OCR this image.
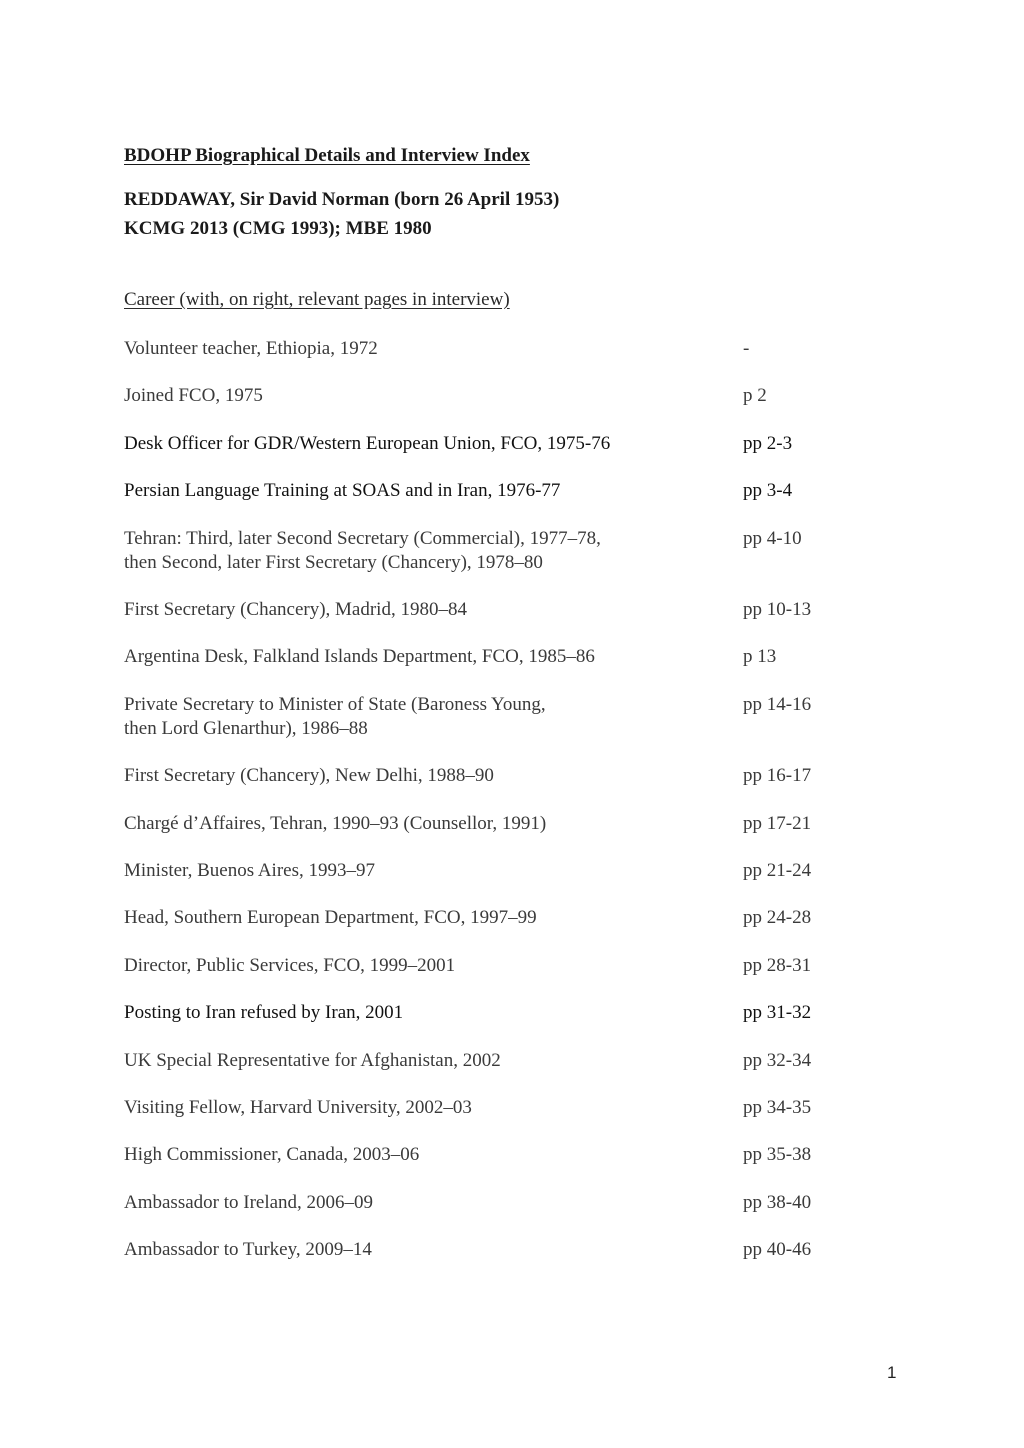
BDOHP Biographical Details and Interview Index

REDDAWAY, Sir David Norman (born 26 April 1953)

KCMG 2013 (CMG 1993); MBE 1980

Career (with, on right, relevant pages in interview)

Volunteer teacher, Ethiopia, 1972	-
Joined FCO, 1975	p 2
Desk Officer for GDR/Western European Union, FCO, 1975-76	pp 2-3
Persian Language Training at SOAS and in Iran, 1976-77	pp 3-4
Tehran: Third, later Second Secretary (Commercial), 1977–78,
then Second, later First Secretary (Chancery), 1978–80
pp 4-10
First Secretary (Chancery), Madrid, 1980–84	pp 10-13
Argentina Desk, Falkland Islands Department, FCO, 1985–86	p 13
Private Secretary to Minister of State (Baroness Young,
then Lord Glenarthur), 1986–88
pp 14-16
First Secretary (Chancery), New Delhi, 1988–90	pp 16-17
Chargé d’Affaires, Tehran, 1990–93 (Counsellor, 1991)	pp 17-21
Minister, Buenos Aires, 1993–97	pp 21-24
Head, Southern European Department, FCO, 1997–99	pp 24-28
Director, Public Services, FCO, 1999–2001	pp 28-31
Posting to Iran refused by Iran, 2001	pp 31-32
UK Special Representative for Afghanistan, 2002	pp 32-34
Visiting Fellow, Harvard University, 2002–03	pp 34-35
High Commissioner, Canada, 2003–06	pp 35-38
Ambassador to Ireland, 2006–09	pp 38-40
Ambassador to Turkey, 2009–14	pp 40-46
1
